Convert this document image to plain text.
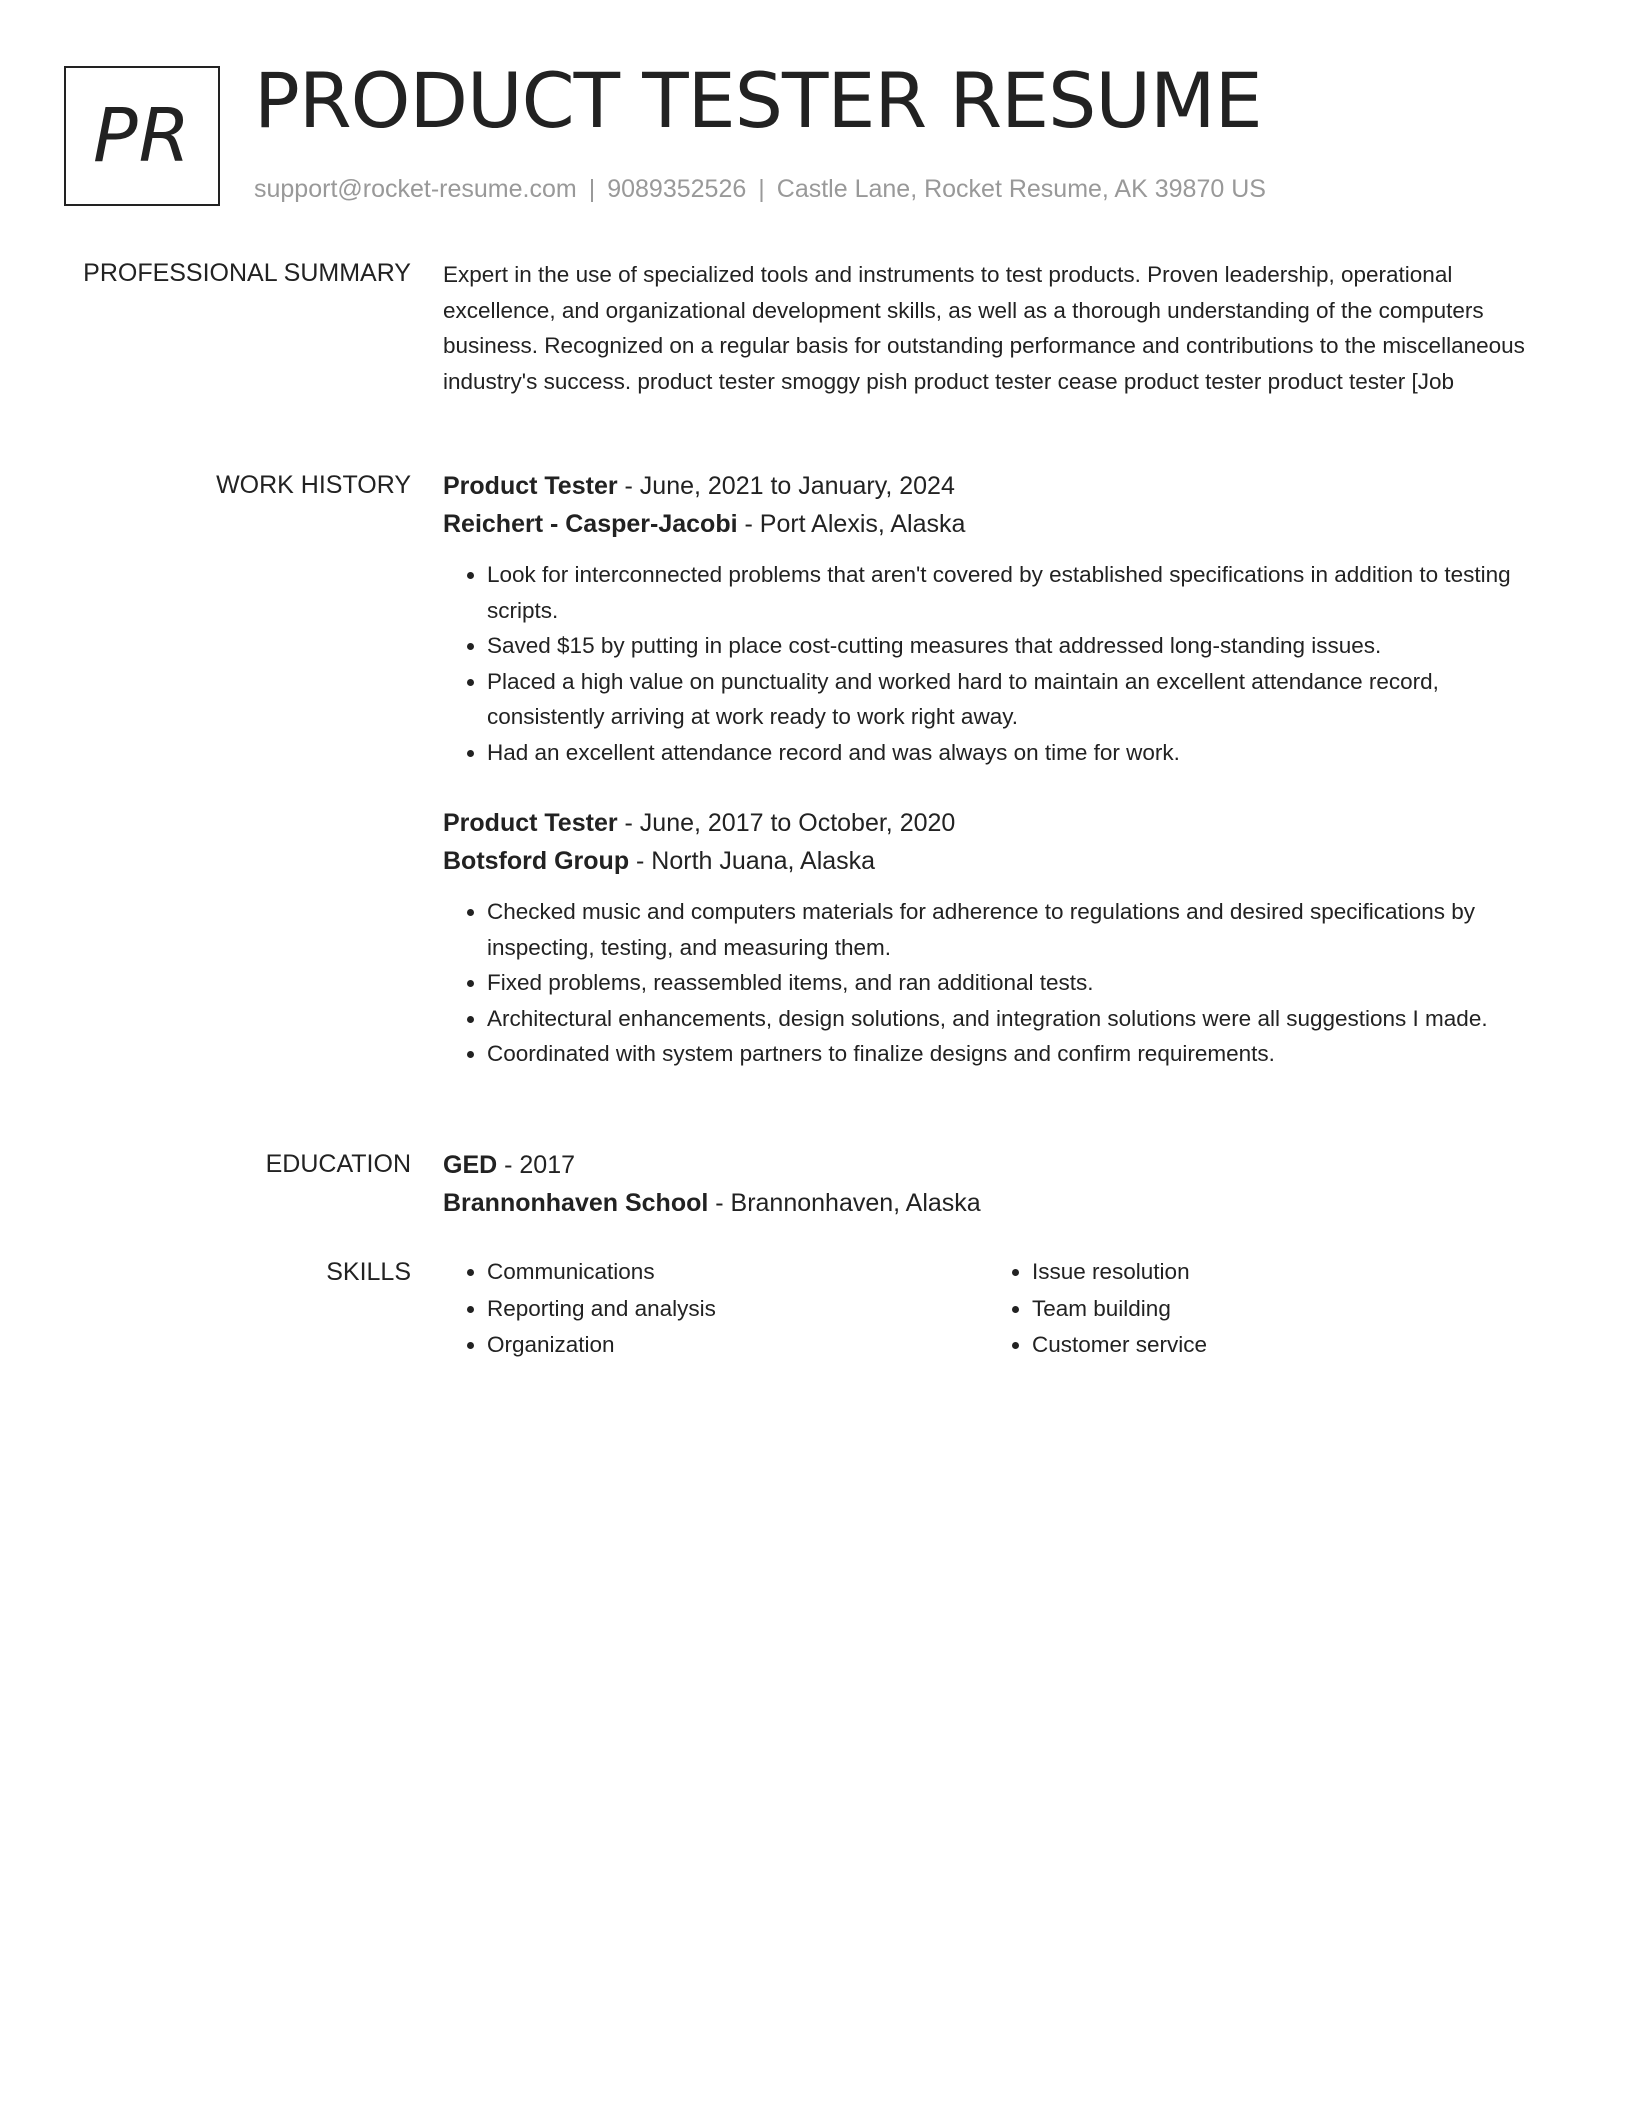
PR PRODUCT TESTER RESUME
support@rocket-resume.com | 9089352526 | Castle Lane, Rocket Resume, AK 39870 US
PROFESSIONAL SUMMARY Expert in the use of specialized tools and instruments to test products. Proven leadership, operational excellence, and organizational development skills, as well as a thorough understanding of the computers business. Recognized on a regular basis for outstanding performance and contributions to the miscellaneous industry's success. product tester smoggy pish product tester cease product tester product tester [Job

WORK HISTORY Product Tester - June, 2021 to January, 2024
Reichert - Casper-Jacobi - Port Alexis, Alaska
• Look for interconnected problems that aren't covered by established specifications in addition to testing scripts.
• Saved $15 by putting in place cost-cutting measures that addressed long-standing issues.
• Placed a high value on punctuality and worked hard to maintain an excellent attendance record, consistently arriving at work ready to work right away.
• Had an excellent attendance record and was always on time for work.
Product Tester - June, 2017 to October, 2020
Botsford Group - North Juana, Alaska
• Checked music and computers materials for adherence to regulations and desired specifications by inspecting, testing, and measuring them.
• Fixed problems, reassembled items, and ran additional tests.
• Architectural enhancements, design solutions, and integration solutions were all suggestions I made.
• Coordinated with system partners to finalize designs and confirm requirements.
EDUCATION GED - 2017
Brannonhaven School - Brannonhaven, Alaska
SKILLS
•	Communications
• Reporting and analysis
• Organization
• Issue resolution
• Team building
• Customer service
